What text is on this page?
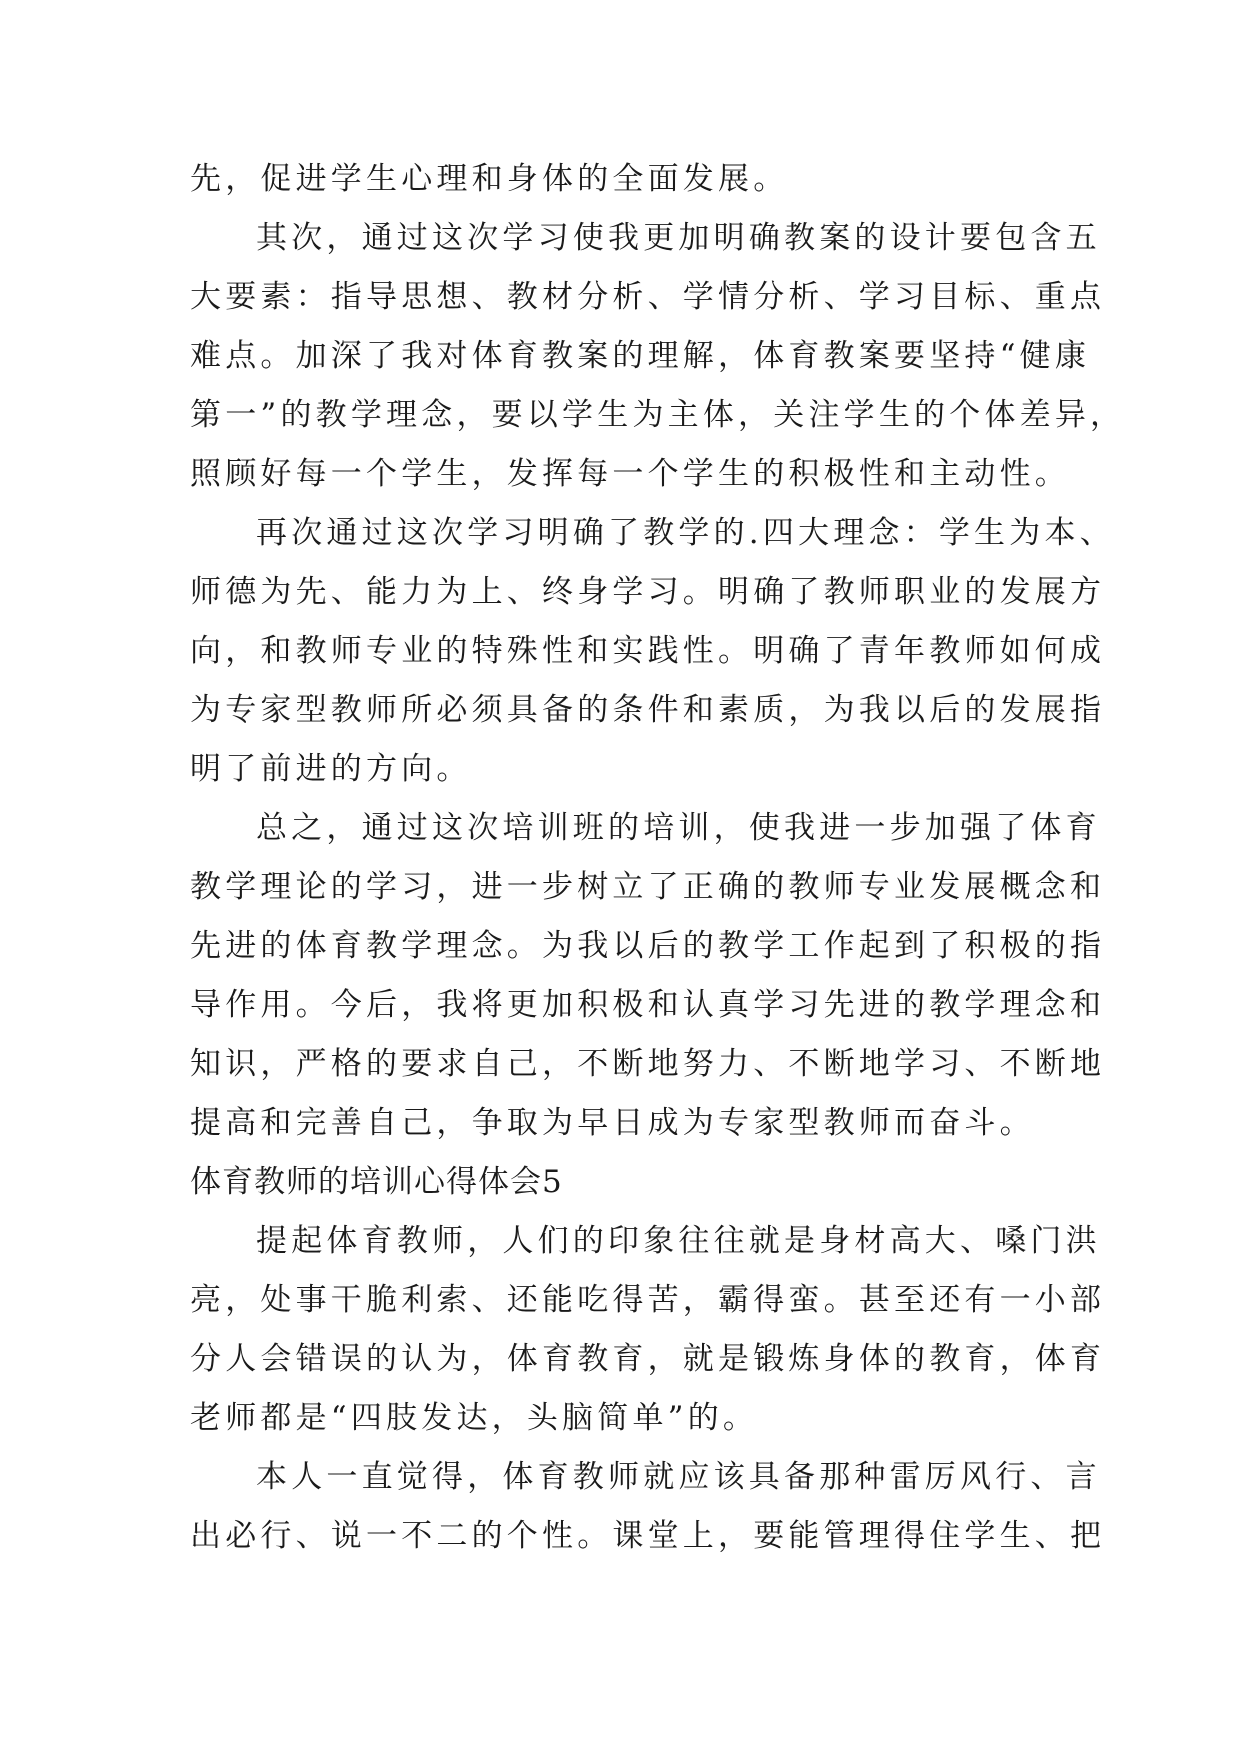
先，促进学生心理和身体的全面发展。
其次，通过这次学习使我更加明确教案的设计要包含五
大要素：指导思想、教材分析、学情分析、学习目标、重点
难点。加深了我对体育教案的理解，体育教案要坚持“健康
第一”的教学理念，要以学生为主体，关注学生的个体差异，
照顾好每一个学生，发挥每一个学生的积极性和主动性。
再次通过这次学习明确了教学的.四大理念：学生为本、
师德为先、能力为上、终身学习。明确了教师职业的发展方
向，和教师专业的特殊性和实践性。明确了青年教师如何成
为专家型教师所必须具备的条件和素质，为我以后的发展指
明了前进的方向。
总之，通过这次培训班的培训，使我进一步加强了体育
教学理论的学习，进一步树立了正确的教师专业发展概念和
先进的体育教学理念。为我以后的教学工作起到了积极的指
导作用。今后，我将更加积极和认真学习先进的教学理念和
知识，严格的要求自己，不断地努力、不断地学习、不断地
提高和完善自己，争取为早日成为专家型教师而奋斗。
体育教师的培训心得体会5
提起体育教师，人们的印象往往就是身材高大、嗓门洪
亮，处事干脆利索、还能吃得苦，霸得蛮。甚至还有一小部
分人会错误的认为，体育教育，就是锻炼身体的教育，体育
老师都是“四肢发达，头脑简单”的。
本人一直觉得，体育教师就应该具备那种雷厉风行、言
出必行、说一不二的个性。课堂上，要能管理得住学生、把
